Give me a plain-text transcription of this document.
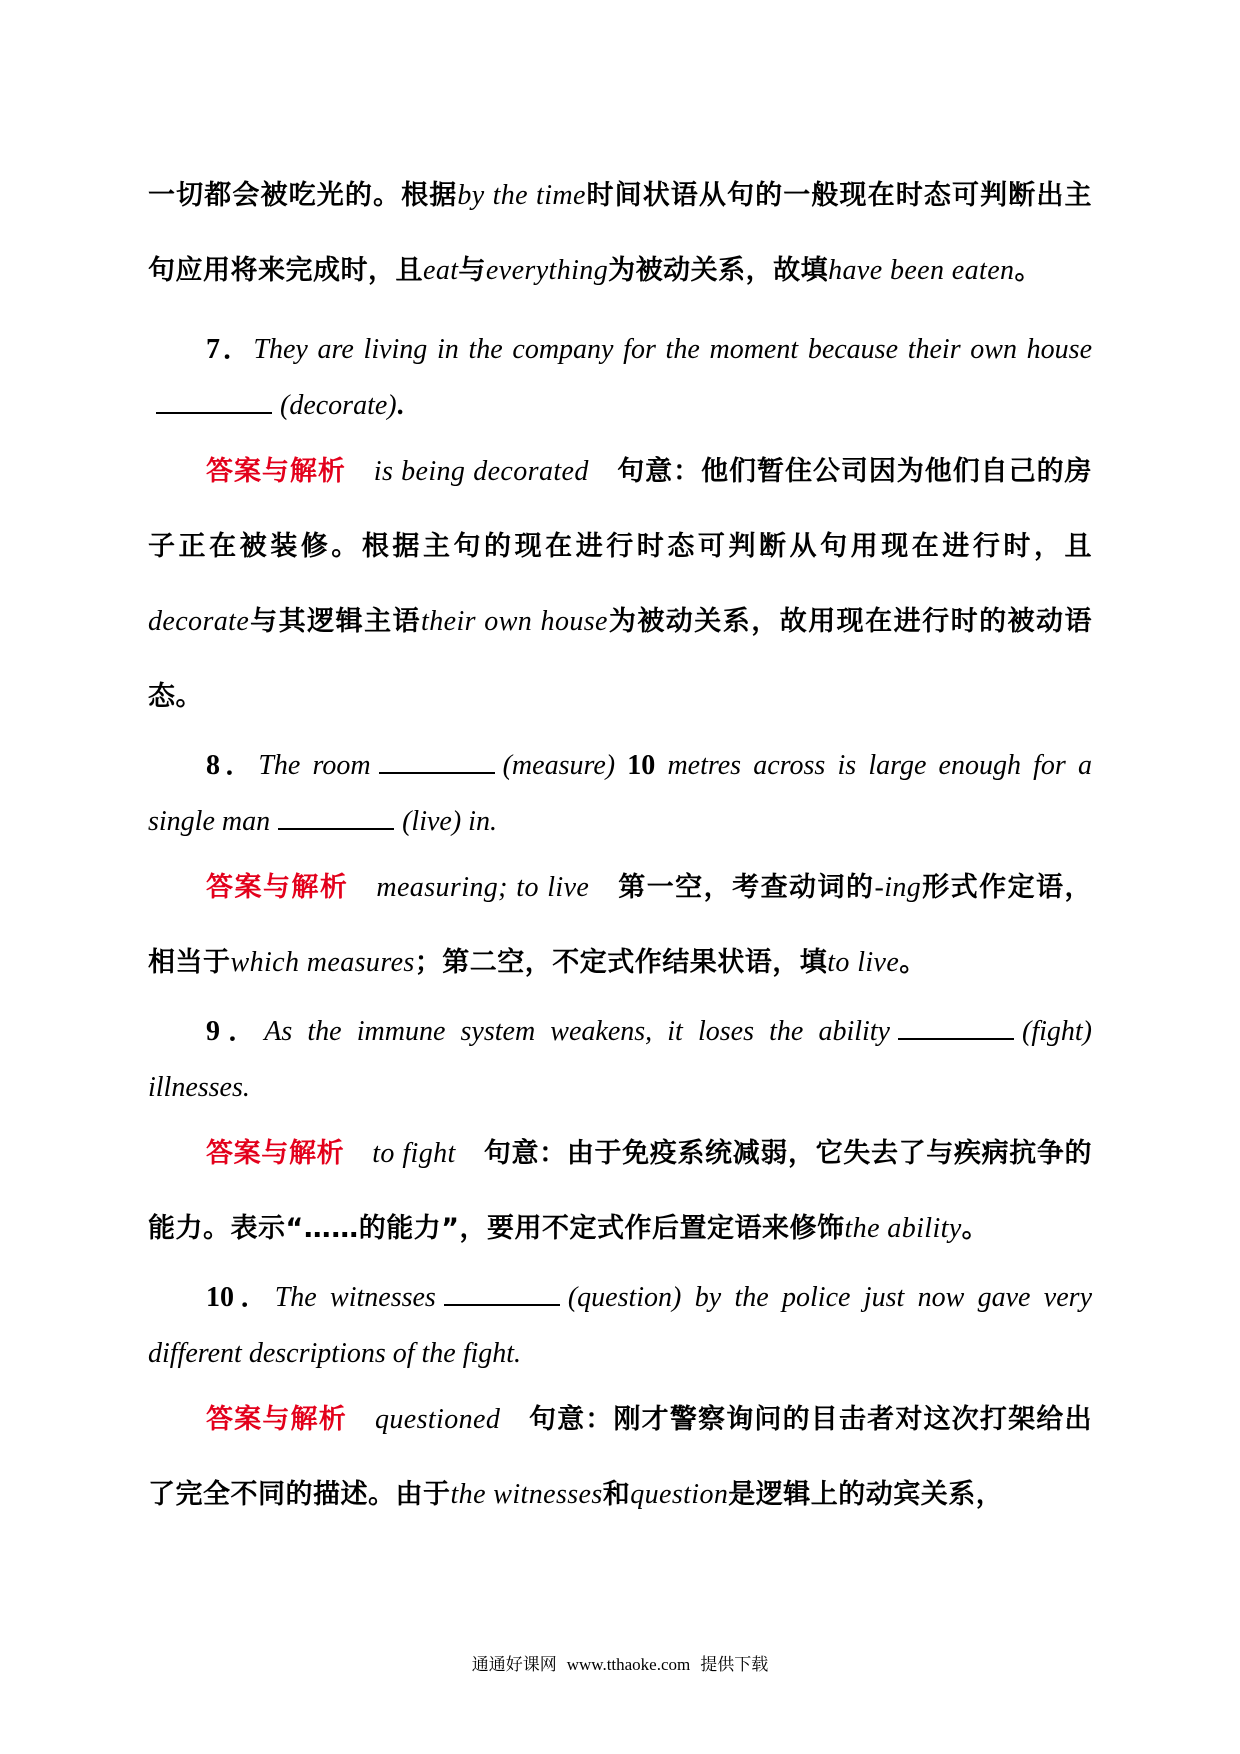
一切都会被吃光的。根据by the time时间状语从句的一般现在时态可判断出主句应用将来完成时，且eat与everything为被动关系，故填have been eaten。

7．They are living in the company for the moment because their own house(decorate).

答案与解析 is being decorated 句意：他们暂住公司因为他们自己的房子正在被装修。根据主句的现在进行时态可判断从句用现在进行时，且decorate与其逻辑主语their own house为被动关系，故用现在进行时的被动语态。

8．The room	(measure) 10 metres across is large enough for a single man	(live) in.

答案与解析 measuring; to live 第一空，考查动词的-ing形式作定语，相当于which measures；第二空，不定式作结果状语，填to live。

9．As the immune system weakens, it loses the ability	(fight) illnesses.

答案与解析 to fight 句意：由于免疫系统减弱，它失去了与疾病抗争的能力。表示“……的能力”，要用不定式作后置定语来修饰the ability。

10．The witnesses	(question) by the police just now gave very different descriptions of the fight.

答案与解析 questioned 句意：刚才警察询问的目击者对这次打架给出了完全不同的描述。由于the witnesses和question是逻辑上的动宾关系，

通通好课网 www.tthaoke.com 提供下载
